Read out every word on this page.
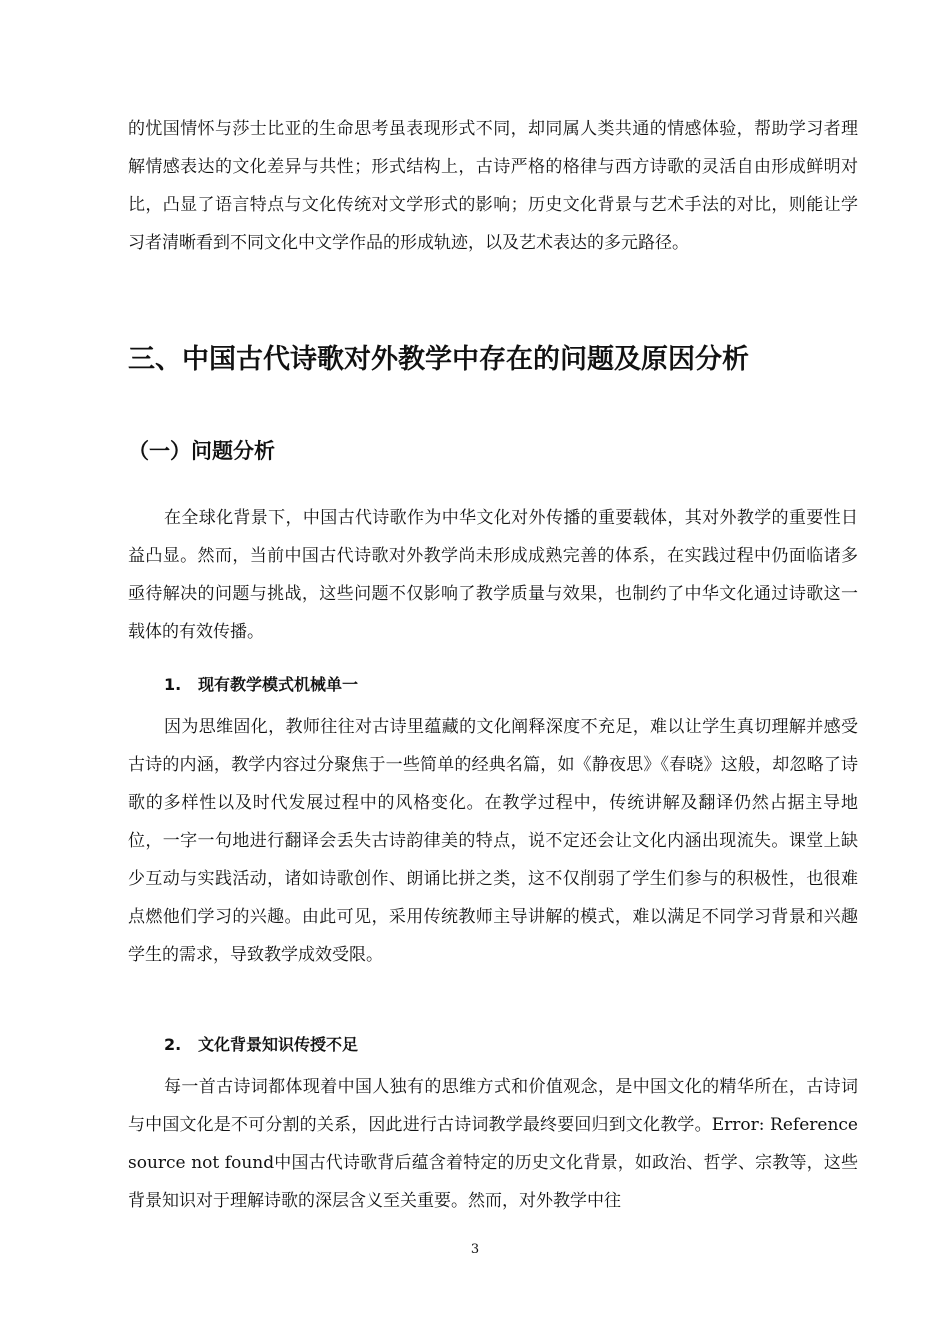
的忧国情怀与莎士比亚的生命思考虽表现形式不同，却同属人类共通的情感体验，帮助学习者理解情感表达的文化差异与共性；形式结构上，古诗严格的格律与西方诗歌的灵活自由形成鲜明对比，凸显了语言特点与文化传统对文学形式的影响；历史文化背景与艺术手法的对比，则能让学习者清晰看到不同文化中文学作品的形成轨迹，以及艺术表达的多元路径。

三、中国古代诗歌对外教学中存在的问题及原因分析
（一）问题分析

在全球化背景下，中国古代诗歌作为中华文化对外传播的重要载体，其对外教学的重要性日益凸显。然而，当前中国古代诗歌对外教学尚未形成成熟完善的体系，在实践过程中仍面临诸多亟待解决的问题与挑战，这些问题不仅影响了教学质量与效果，也制约了中华文化通过诗歌这一载体的有效传播。

1. 现有教学模式机械单一

因为思维固化，教师往往对古诗里蕴藏的文化阐释深度不充足，难以让学生真切理解并感受古诗的内涵，教学内容过分聚焦于一些简单的经典名篇，如《静夜思》《春晓》这般，却忽略了诗歌的多样性以及时代发展过程中的风格变化。在教学过程中，传统讲解及翻译仍然占据主导地位，一字一句地进行翻译会丢失古诗韵律美的特点，说不定还会让文化内涵出现流失。课堂上缺少互动与实践活动，诸如诗歌创作、朗诵比拼之类，这不仅削弱了学生们参与的积极性，也很难点燃他们学习的兴趣。由此可见，采用传统教师主导讲解的模式，难以满足不同学习背景和兴趣学生的需求，导致教学成效受限。

2. 文化背景知识传授不足

每一首古诗词都体现着中国人独有的思维方式和价值观念，是中国文化的精华所在，古诗词与中国文化是不可分割的关系，因此进行古诗词教学最终要回归到文化教学。Error: Reference source not found中国古代诗歌背后蕴含着特定的历史文化背景，如政治、哲学、宗教等，这些背景知识对于理解诗歌的深层含义至关重要。然而，对外教学中往

3
